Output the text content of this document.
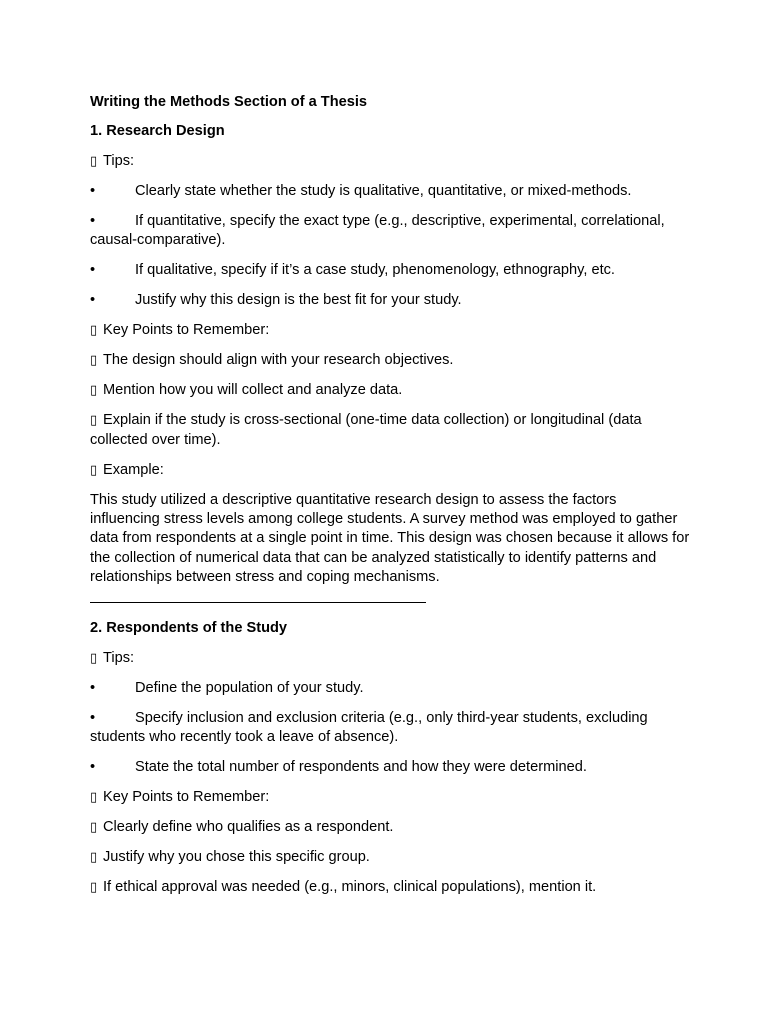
Writing the Methods Section of a Thesis

1. Research Design

▯ Tips:

•	Clearly state whether the study is qualitative, quantitative, or mixed-methods.

•	If quantitative, specify the exact type (e.g., descriptive, experimental, correlational, causal-comparative).

•	If qualitative, specify if it’s a case study, phenomenology, ethnography, etc.

•	Justify why this design is the best fit for your study.

▯ Key Points to Remember:

▯ The design should align with your research objectives.

▯ Mention how you will collect and analyze data.

▯ Explain if the study is cross-sectional (one-time data collection) or longitudinal (data collected over time).

▯ Example:

This study utilized a descriptive quantitative research design to assess the factors influencing stress levels among college students. A survey method was employed to gather data from respondents at a single point in time. This design was chosen because it allows for the collection of numerical data that can be analyzed statistically to identify patterns and relationships between stress and coping mechanisms.

2. Respondents of the Study

▯ Tips:

•	Define the population of your study.

•	Specify inclusion and exclusion criteria (e.g., only third-year students, excluding students who recently took a leave of absence).

•	State the total number of respondents and how they were determined.

▯ Key Points to Remember:

▯ Clearly define who qualifies as a respondent.

▯ Justify why you chose this specific group.

▯ If ethical approval was needed (e.g., minors, clinical populations), mention it.
